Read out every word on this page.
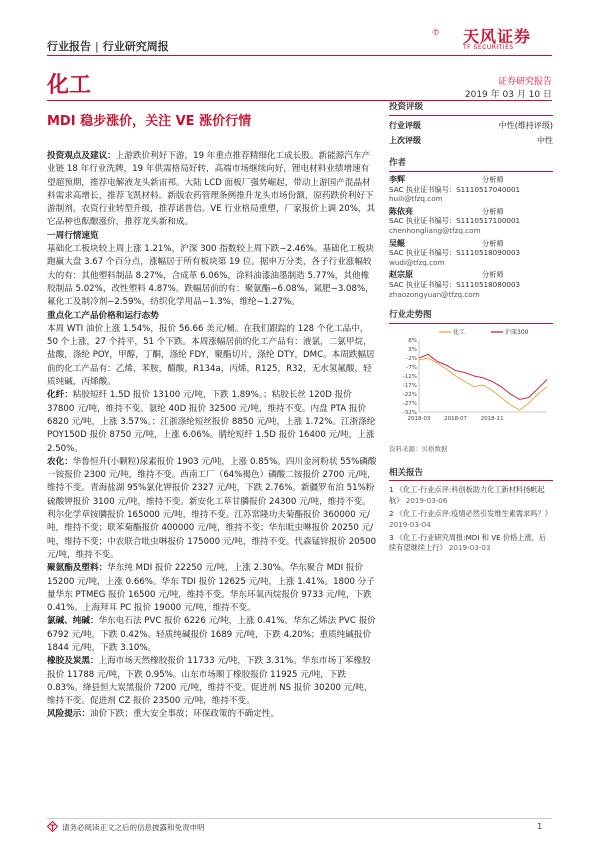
行业报告 | 行业研究周报
天风证券
TF SECURITIES
化工	证券研究报告
2019 年 03 月 10 日
MDI 稳步涨价，关注 VE 涨价行情

投资观点及建议：上游跌价利好下游，19 年重点推荐精细化工成长股。新能源汽车产业链 18 年行业洗牌，19 年供需格局好转，高端市场继续向好，锂电材料业绩增速有望超预期，推荐电解液龙头新宙邦。大陆 LCD 面板厂强势崛起，带动上游国产混晶材料需求高增长，推荐飞凯材料。新版农药管理条例推升龙头市场份额，原药跌价利好下游制剂，农资行业转型升级，推荐诺普信。VE 行业格局重塑，厂家报价上调 20%，其它品种也酝酿涨价，推荐龙头新和成。

一周行情速览

基础化工板块较上周上涨 1.21%，沪深 300 指数较上周下跌−2.46%。基础化工板块跑赢大盘 3.67 个百分点，涨幅居于所有板块第 19 位。据申万分类，各子行业涨幅较大的有：其他塑料制品 8.27%，合成革 6.06%，涂料油漆油墨制造 5.77%，其他橡胶制品 5.02%，改性塑料 4.87%。跌幅居前的有：聚氨酯−6.08%，氮肥−3.08%，氟化工及制冷剂−2.59%，纺织化学用品−1.3%，维纶−1.27%。

重点化工产品价格和运行态势

本周 WTI 油价上涨 1.54%，报价 56.66 美元/桶。在我们跟踪的 128 个化工品中，50 个上涨，27 个持平，51 个下跌。本周涨幅居前的化工产品有：液氯，二氯甲烷，盐酸，涤纶 POY，甲醇，丁酮，涤纶 FDY，聚酯切片，涤纶 DTY，DMC。本周跌幅居前的化工产品有：乙烯，苯胺，醋酸，R134a，丙烯，R125，R32，无水氢氟酸，轻质纯碱，丙烯酸。

化纤：粘胶短纤 1.5D 报价 13100 元/吨，下跌 1.89%。；粘胶长丝 120D 报价 37800 元/吨，维持不变。氨纶 40D 报价 32500 元/吨，维持不变。内盘 PTA 报价 6820 元/吨，上涨 3.57%。；江浙涤纶短丝报价 8850 元/吨，上涨 1.72%。江浙涤纶 POY150D 报价 8750 元/吨，上涨 6.06%。腈纶短纤 1.5D 报价 16400 元/吨，上涨 2.50%。

农化：华鲁恒升(小颗粒)尿素报价 1903 元/吨，上涨 0.85%。四川金河粉状 55%磷酸一铵报价 2300 元/吨，维持不变。西南工厂（64%褐色）磷酸二铵报价 2700 元/吨，维持不变。青海盐湖 95%氯化钾报价 2327 元/吨，下跌 2.76%。新疆罗布泊 51%粉硫酸钾报价 3100 元/吨，维持不变。新安化工草甘膦报价 24300 元/吨，维持不变。利尔化学草铵膦报价 165000 元/吨，维持不变。江苏常隆功夫菊酯报价 360000 元/吨，维持不变；联苯菊酯报价 400000 元/吨，维持不变；华东吡虫啉报价 20250 元/吨，维持不变；中农联合吡虫啉报价 175000 元/吨，维持不变。代森锰锌报价 20500 元/吨，维持不变。

聚氨酯及塑料：华东纯 MDI 报价 22250 元/吨，上涨 2.30%。华东聚合 MDI 报价 15200 元/吨，上涨 0.66%。华东 TDI 报价 12625 元/吨，上涨 1.41%。1800 分子量华东 PTMEG 报价 16500 元/吨，维持不变。华东环氧丙烷报价 9733 元/吨，下跌 0.41%。上海拜耳 PC 报价 19000 元/吨，维持不变。

氯碱、纯碱：华东电石法 PVC 报价 6226 元/吨，上涨 0.41%。华东乙烯法 PVC 报价 6792 元/吨，下跌 0.42%。轻质纯碱报价 1689 元/吨，下跌 4.20%；重质纯碱报价 1844 元/吨，下跌 3.10%。

橡胶及炭黑：上海市场天然橡胶报价 11733 元/吨，下跌 3.31%。华东市场丁苯橡胶报价 11788 元/吨，下跌 0.95%。山东市场顺丁橡胶报价 11925 元/吨，下跌 0.83%。绛县恒大炭黑报价 7200 元/吨，维持不变。促进剂 NS 报价 30200 元/吨，维持不变。促进剂 CZ 报价 23500 元/吨，维持不变。

风险提示：油价下跌；重大安全事故；环保政策的不确定性。

投资评级
行业评级	中性(维持评级)
上次评级	中性
作者
李辉	分析师
SAC 执业证书编号：S1110517040001
huili@tfzq.com
陈依亮	分析师
SAC 执业证书编号：S1110517100001
chenhongliang@tfzq.com
吴鲲	分析师
SAC 执业证书编号：S1110518090003
wudi@tfzq.com
赵宗原	分析师
SAC 执业证书编号：S1110518080003
zhaozongyuan@tfzq.com
行业走势图
8%
3%
-2%
-7%
-12%
-17%
-22%
-27%
-32%
2018-03 2018-07 2018-11
化工	沪深300
资料来源：贝格数据
相关报告
1 《化工-行业点评:科创板助力化工新材料扬帆起航》 2019-03-06
2 《化工-行业点评:疫情必然引发维生素需求吗？》 2019-03-04
3 《化工-行业研究周报:MDI 和 VE 价格上涨，后续有望继续上行》 2019-03-03
请务必阅读正文之后的信息披露和免责申明	1
